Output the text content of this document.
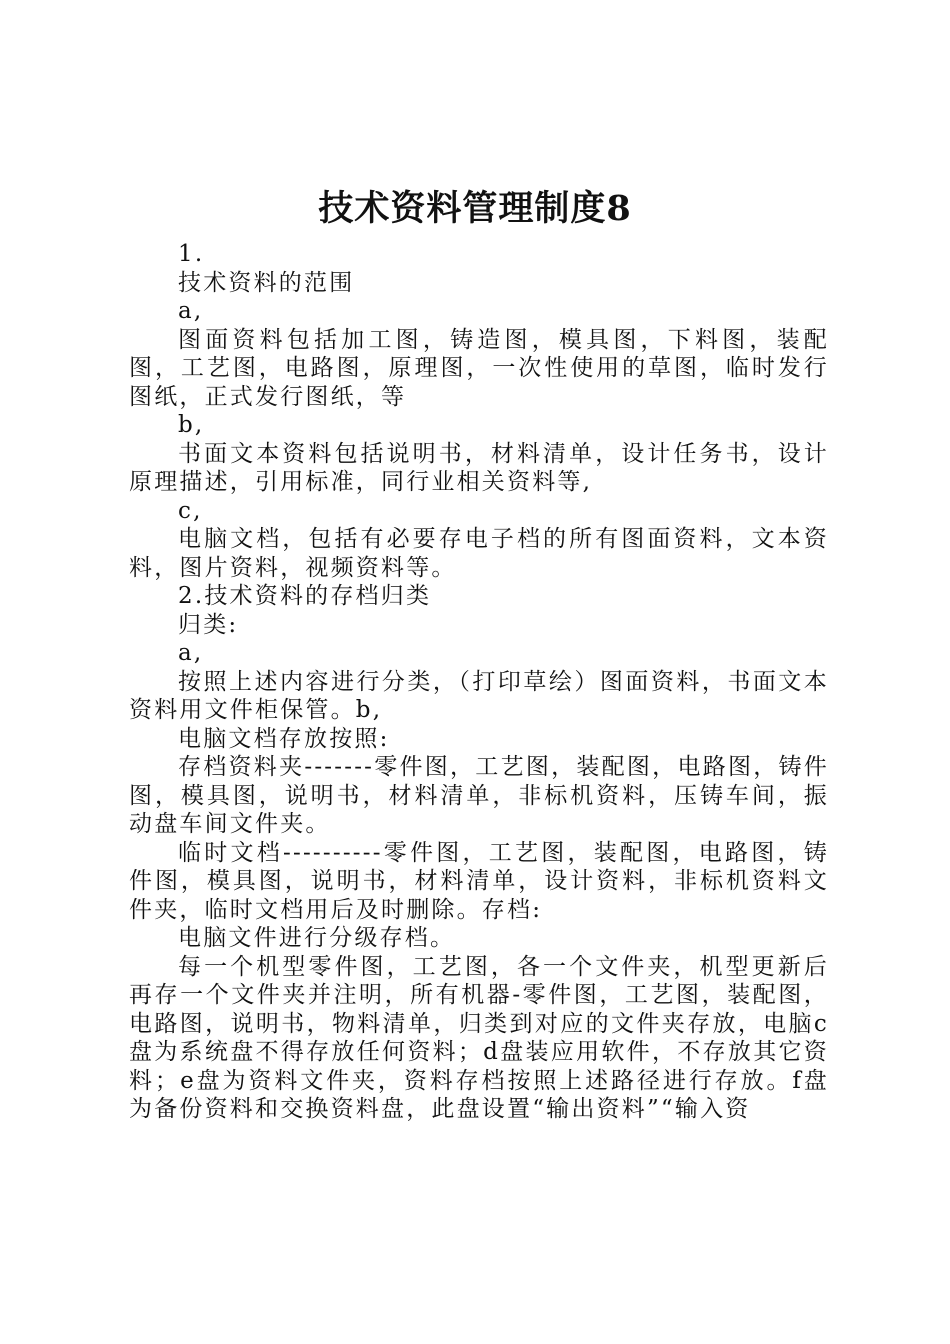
技术资料管理制度8

1.

技术资料的范围

a,

图面资料包括加工图，铸造图，模具图，下料图，装配图，工艺图，电路图，原理图，一次性使用的草图，临时发行图纸，正式发行图纸，等

b,

书面文本资料包括说明书，材料清单，设计任务书，设计原理描述，引用标准，同行业相关资料等,

c,

电脑文档，包括有必要存电子档的所有图面资料，文本资料，图片资料，视频资料等。

2.技术资料的存档归类

归类:

a,

按照上述内容进行分类，（打印草绘）图面资料，书面文本资料用文件柜保管。b,

电脑文档存放按照:

存档资料夹-------零件图，工艺图，装配图，电路图，铸件图，模具图，说明书，材料清单，非标机资料，压铸车间，振动盘车间文件夹。

临时文档----------零件图，工艺图，装配图，电路图，铸件图，模具图，说明书，材料清单，设计资料，非标机资料文件夹，临时文档用后及时删除。存档:

电脑文件进行分级存档。

每一个机型零件图，工艺图，各一个文件夹，机型更新后再存一个文件夹并注明，所有机器-零件图，工艺图，装配图，电路图，说明书，物料清单，归类到对应的文件夹存放，电脑c盘为系统盘不得存放任何资料；d盘装应用软件，不存放其它资料；e盘为资料文件夹，资料存档按照上述路径进行存放。f盘为备份资料和交换资料盘，此盘设置“输出资料”“输入资
